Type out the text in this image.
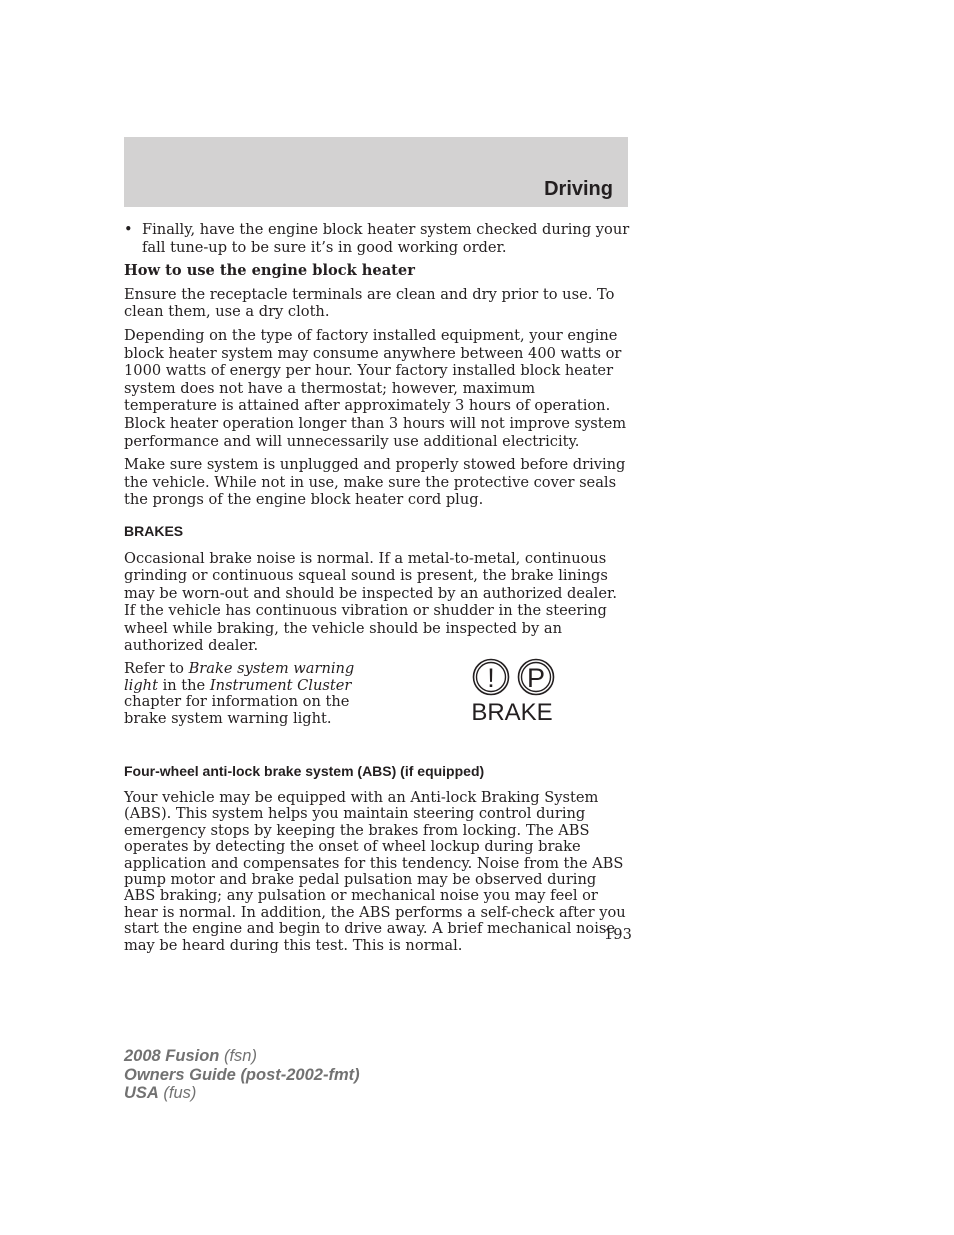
Driving
• Finally, have the engine block heater system checked during your fall tune-up to be sure it’s in good working order.
How to use the engine block heater

Ensure the receptacle terminals are clean and dry prior to use. To clean them, use a dry cloth.

Depending on the type of factory installed equipment, your engine block heater system may consume anywhere between 400 watts or 1000 watts of energy per hour. Your factory installed block heater system does not have a thermostat; however, maximum temperature is attained after approximately 3 hours of operation. Block heater operation longer than 3 hours will not improve system performance and will unnecessarily use additional electricity.

Make sure system is unplugged and properly stowed before driving the vehicle. While not in use, make sure the protective cover seals the prongs of the engine block heater cord plug.

BRAKES

Occasional brake noise is normal. If a metal-to-metal, continuous grinding or continuous squeal sound is present, the brake linings may be worn-out and should be inspected by an authorized dealer. If the vehicle has continuous vibration or shudder in the steering wheel while braking, the vehicle should be inspected by an authorized dealer.

Refer to Brake system warning light in the Instrument Cluster chapter for information on the brake system warning light.
! P
BRAKE
Four-wheel anti-lock brake system (ABS) (if equipped)

Your vehicle may be equipped with an Anti-lock Braking System (ABS). This system helps you maintain steering control during emergency stops by keeping the brakes from locking. The ABS operates by detecting the onset of wheel lockup during brake application and compensates for this tendency. Noise from the ABS pump motor and brake pedal pulsation may be observed during ABS braking; any pulsation or mechanical noise you may feel or hear is normal. In addition, the ABS performs a self-check after you start the engine and begin to drive away. A brief mechanical noise may be heard during this test. This is normal.

193
2008 Fusion (fsn)
Owners Guide (post-2002-fmt)
USA (fus)
